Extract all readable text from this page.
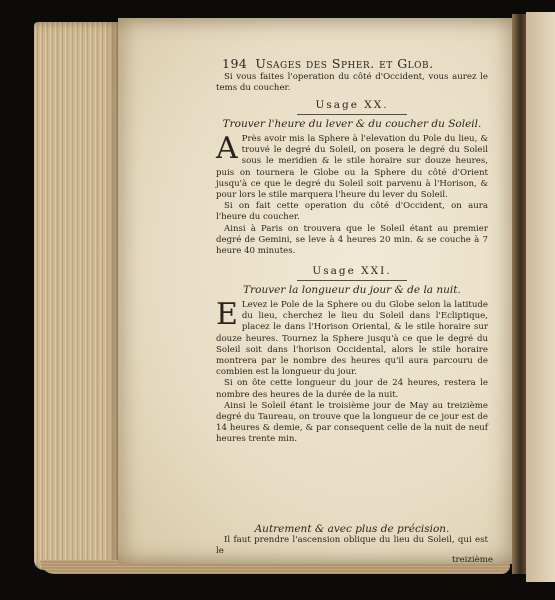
194 Usages des Spher. et Glob.

Si vous faites l'operation du côté d'Occident, vous aurez le tems du coucher.

Usage XX.
Trouver l'heure du lever & du coucher du Soleil.
A Près avoir mis la Sphere à l'elevation du Pole du lieu, & trouvé le degré du Soleil, on posera le degré du Soleil sous le meridien & le stile horaire sur douze heures, puis on tournera le Globe ou la Sphere du côté d'Orient jusqu'à ce que le degré du Soleil soit parvenu à l'Horison, & pour lors le stile marquera l'heure du lever du Soleil.

Si on fait cette operation du côté d'Occident, on aura l'heure du coucher.

Ainsi à Paris on trouvera que le Soleil étant au premier degré de Gemini, se leve à 4 heures 20 min. & se couche à 7 heure 40 minutes.

Usage XXI.
Trouver la longueur du jour & de la nuit.
E Levez le Pole de la Sphere ou du Globe selon la latitude du lieu, cherchez le lieu du Soleil dans l'Ecliptique, placez le dans l'Horison Oriental, & le stile horaire sur douze heures. Tournez la Sphere jusqu'à ce que le degré du Soleil soit dans l'horison Occidental, alors le stile horaire montrera par le nombre des heures qu'il aura parcouru de combien est la longueur du jour.

Si on ôte cette longueur du jour de 24 heures, restera le nombre des heures de la durée de la nuit.

Ainsi le Soleil étant le troisième jour de May au treizième degré du Taureau, on trouve que la longueur de ce jour est de 14 heures & demie, & par consequent celle de la nuit de neuf heures trente min.

Autrement & avec plus de précision.

Il faut prendre l'ascension oblique du lieu du Soleil, qui est le

treizième
